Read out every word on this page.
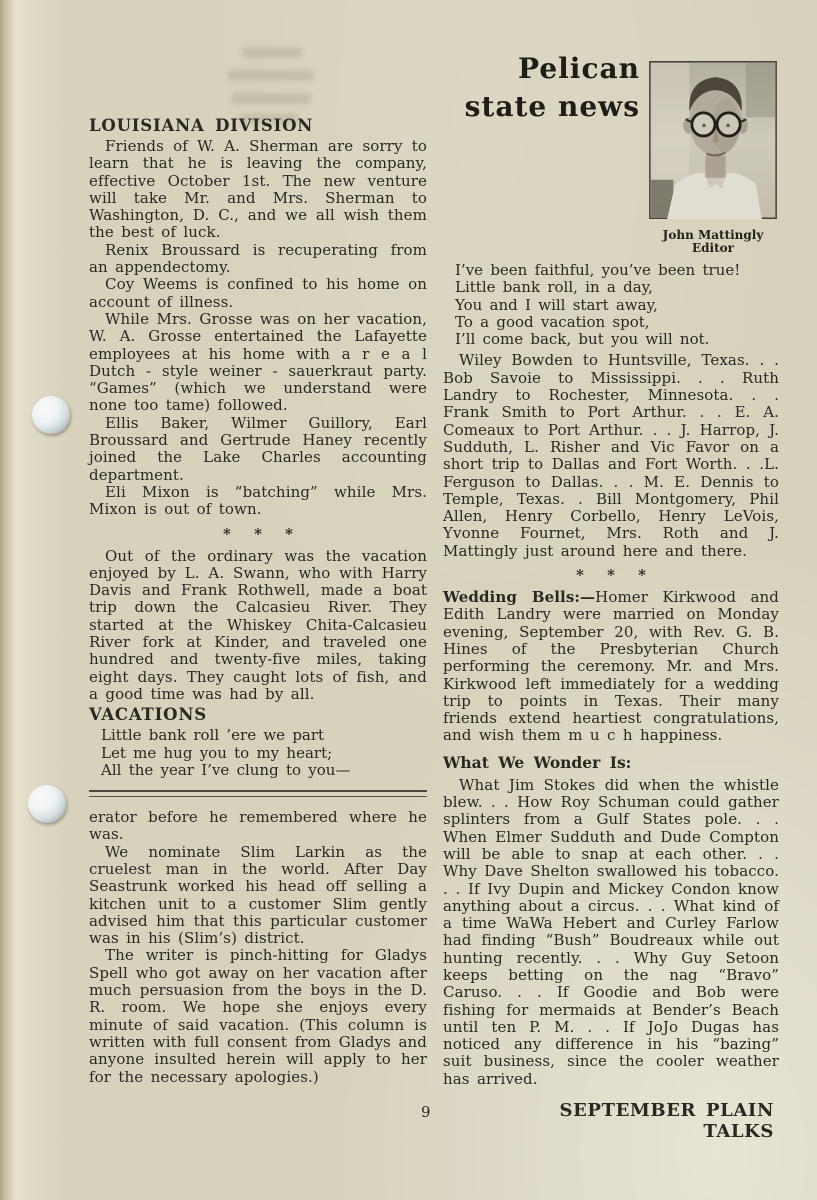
Pelican
state news
John Mattingly
Editor
LOUISIANA DIVISION

Friends of W. A. Sherman are sorry to learn that he is leaving the company, effective October 1st. The new venture will take Mr. and Mrs. Sherman to Washington, D. C., and we all wish them the best of luck.

Renix Broussard is recuperating from an appendectomy.

Coy Weems is confined to his home on account of illness.

While Mrs. Grosse was on her vacation, W. A. Grosse entertained the Lafayette employees at his home with a r e a l Dutch - style weiner - sauerkraut party. “Games” (which we understand were none too tame) followed.

Ellis Baker, Wilmer Guillory, Earl Broussard and Gertrude Haney recently joined the Lake Charles accounting department.

Eli Mixon is “batching” while Mrs. Mixon is out of town.

* * *

Out of the ordinary was the vacation enjoyed by L. A. Swann, who with Harry Davis and Frank Rothwell, made a boat trip down the Calcasieu River. They started at the Whiskey Chita-Calcasieu River fork at Kinder, and traveled one hundred and twenty-five miles, taking eight days. They caught lots of fish, and a good time was had by all.

VACATIONS
Little bank roll ’ere we part
Let me hug you to my heart;
All the year I’ve clung to you—

erator before he remembered where he was.

We nominate Slim Larkin as the cruelest man in the world. After Day Seastrunk worked his head off selling a kitchen unit to a customer Slim gently advised him that this particular customer was in his (Slim’s) district.

The writer is pinch-hitting for Gladys Spell who got away on her vacation after much persuasion from the boys in the D. R. room. We hope she enjoys every minute of said vacation. (This column is written with full consent from Gladys and anyone insulted herein will apply to her for the necessary apologies.)

I’ve been faithful, you’ve been true!
Little bank roll, in a day,
You and I will start away,
To a good vacation spot,
I’ll come back, but you will not.

Wiley Bowden to Huntsville, Texas. . . Bob Savoie to Mississippi. . . Ruth Landry to Rochester, Minnesota. . . Frank Smith to Port Arthur. . . E. A. Comeaux to Port Arthur. . . J. Harrop, J. Sudduth, L. Risher and Vic Favor on a short trip to Dallas and Fort Worth. . .L. Ferguson to Dallas. . . M. E. Dennis to Temple, Texas. . Bill Montgomery, Phil Allen, Henry Corbello, Henry LeVois, Yvonne Fournet, Mrs. Roth and J. Mattingly just around here and there.

* * *

Wedding Bells:—Homer Kirkwood and Edith Landry were married on Monday evening, September 20, with Rev. G. B. Hines of the Presbyterian Church performing the ceremony. Mr. and Mrs. Kirkwood left immediately for a wedding trip to points in Texas. Their many friends extend heartiest congratulations, and wish them m u c h happiness.

What We Wonder Is:

What Jim Stokes did when the whistle blew. . . How Roy Schuman could gather splinters from a Gulf States pole. . . When Elmer Sudduth and Dude Compton will be able to snap at each other. . . Why Dave Shelton swallowed his tobacco. . . If Ivy Dupin and Mickey Condon know anything about a circus. . . What kind of a time WaWa Hebert and Curley Farlow had finding “Bush” Boudreaux while out hunting recently. . . Why Guy Setoon keeps betting on the nag “Bravo” Caruso. . . If Goodie and Bob were fishing for mermaids at Bender’s Beach until ten P. M. . . If JoJo Dugas has noticed any difference in his “bazing” suit business, since the cooler weather has arrived.

9	SEPTEMBER PLAIN TALKS
